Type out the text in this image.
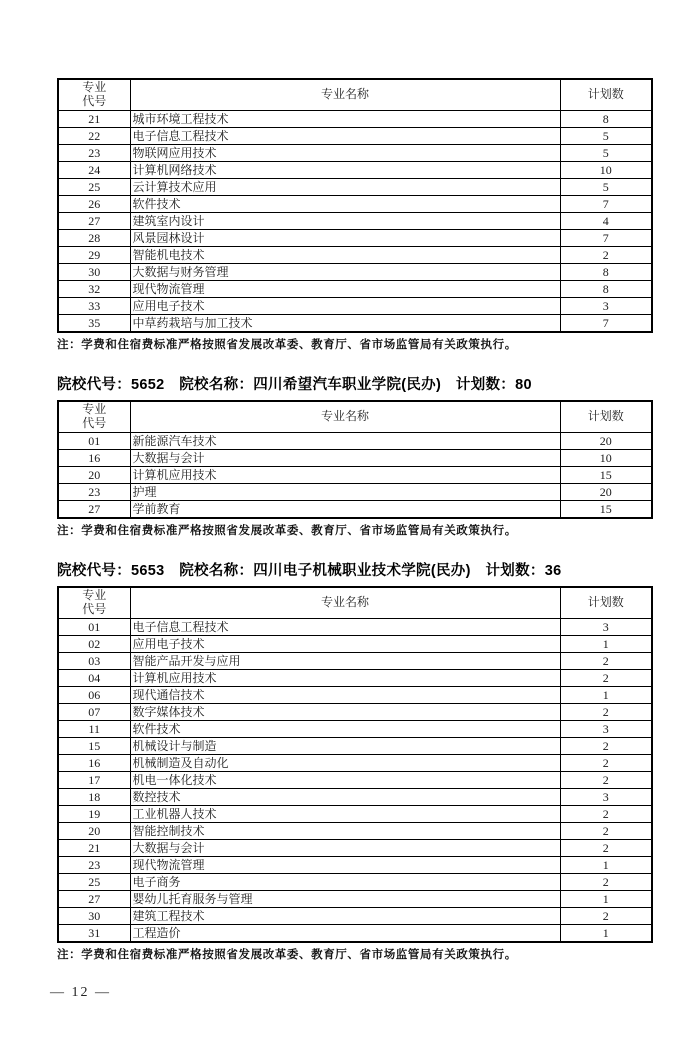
专业
代号	专业名称	计划数
21	城市环境工程技术	8
22	电子信息工程技术	5
23	物联网应用技术	5
24	计算机网络技术	10
25	云计算技术应用	5
26	软件技术	7
27	建筑室内设计	4
28	风景园林设计	7
29	智能机电技术	2
30	大数据与财务管理	8
32	现代物流管理	8
33	应用电子技术	3
35	中草药栽培与加工技术	7
注：学费和住宿费标准严格按照省发展改革委、教育厅、省市场监管局有关政策执行。
院校代号：5652　院校名称：四川希望汽车职业学院(民办)　计划数：80
专业
代号	专业名称	计划数
01	新能源汽车技术	20
16	大数据与会计	10
20	计算机应用技术	15
23	护理	20
27	学前教育	15
注：学费和住宿费标准严格按照省发展改革委、教育厅、省市场监管局有关政策执行。
院校代号：5653　院校名称：四川电子机械职业技术学院(民办)　计划数：36
专业
代号	专业名称	计划数
01	电子信息工程技术	3
02	应用电子技术	1
03	智能产品开发与应用	2
04	计算机应用技术	2
06	现代通信技术	1
07	数字媒体技术	2
11	软件技术	3
15	机械设计与制造	2
16	机械制造及自动化	2
17	机电一体化技术	2
18	数控技术	3
19	工业机器人技术	2
20	智能控制技术	2
21	大数据与会计	2
23	现代物流管理	1
25	电子商务	2
27	婴幼儿托育服务与管理	1
30	建筑工程技术	2
31	工程造价	1
注：学费和住宿费标准严格按照省发展改革委、教育厅、省市场监管局有关政策执行。
— 12 —
